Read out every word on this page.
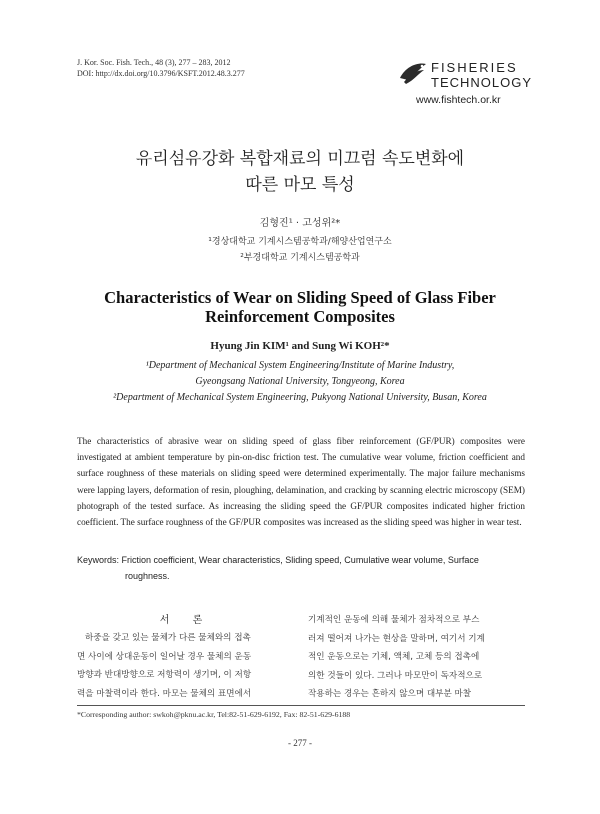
J. Kor. Soc. Fish. Tech., 48 (3), 277 – 283, 2012
DOI: http://dx.doi.org/10.3796/KSFT.2012.48.3.277	FISHERIES
TECHNOLOGY
www.fishtech.or.kr
유리섬유강화 복합재료의 미끄럼 속도변화에
따른 마모 특성
김형진¹ · 고성위²*
¹경상대학교 기계시스템공학과/해양산업연구소
²부경대학교 기계시스템공학과
Characteristics of Wear on Sliding Speed of Glass Fiber
Reinforcement Composites
Hyung Jin KIM¹ and Sung Wi KOH²*
¹Department of Mechanical System Engineering/Institute of Marine Industry,
Gyeongsang National University, Tongyeong, Korea
²Department of Mechanical System Engineering, Pukyong National University, Busan, Korea
The characteristics of abrasive wear on sliding speed of glass fiber reinforcement (GF/PUR) composites were investigated at ambient temperature by pin-on-disc friction test. The cumulative wear volume, friction coefficient and surface roughness of these materials on sliding speed were determined experimentally. The major failure mechanisms were lapping layers, deformation of resin, ploughing, delamination, and cracking by scanning electric microscopy (SEM) photograph of the tested surface. As increasing the sliding speed the GF/PUR composites indicated higher friction coefficient. The surface roughness of the GF/PUR composites was increased as the sliding speed was higher in wear test.
Keywords: Friction coefficient, Wear characteristics, Sliding speed, Cumulative wear volume, Surface
roughness.
서 론
하중을 갖고 있는 물체가 다른 물체와의 접촉
면 사이에 상대운동이 일어날 경우 물체의 운동
방향과 반대방향으로 저항력이 생기며, 이 저항
력을 마찰력이라 한다. 마모는 물체의 표면에서
기계적인 운동에 의해 물체가 점차적으로 부스
러져 떨어져 나가는 현상을 말하며, 여기서 기계
적인 운동으로는 기체, 액체, 고체 등의 접촉에
의한 것들이 있다. 그러나 마모만이 독자적으로
작용하는 경우는 흔하지 않으며 대부분 마찰
*Corresponding author: swkoh@pknu.ac.kr, Tel:82-51-629-6192, Fax: 82-51-629-6188
- 277 -
